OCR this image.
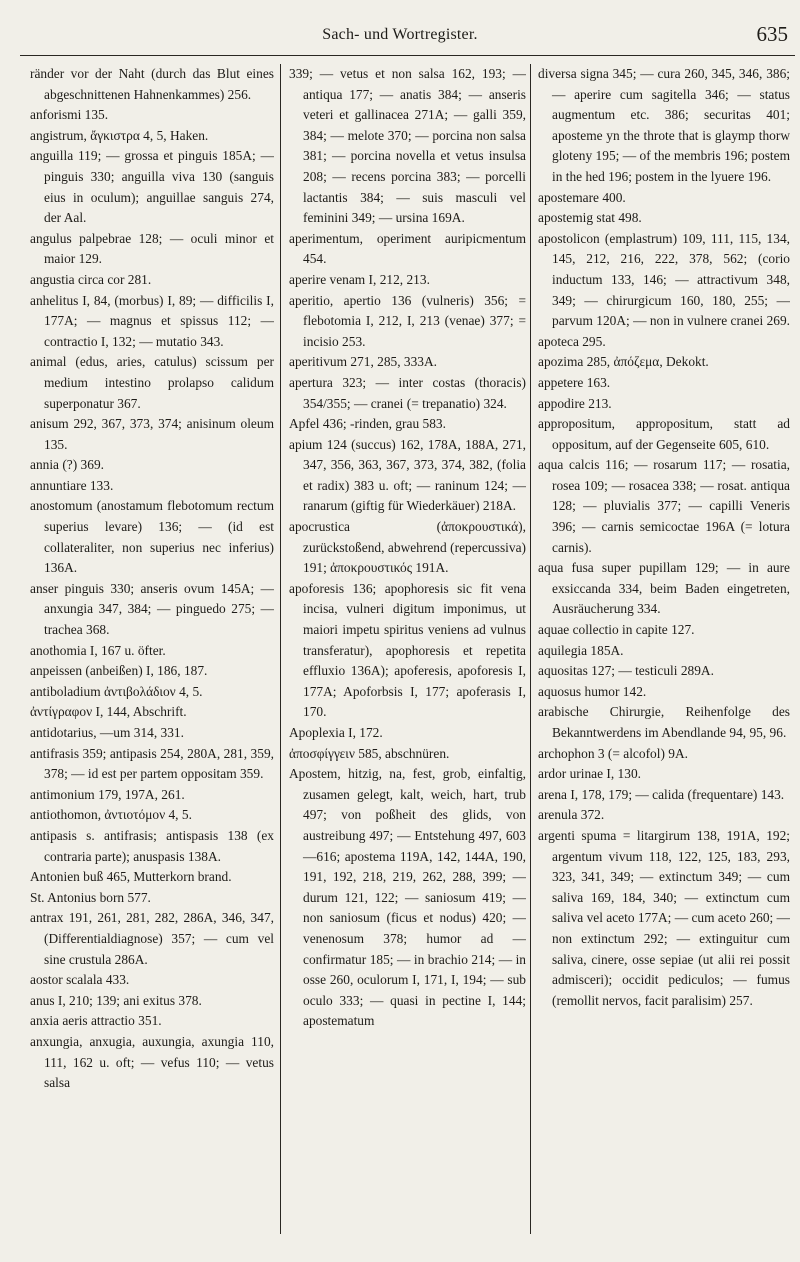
Sach- und Wortregister.	635
ränder vor der Naht (durch das Blut eines abgeschnittenen Hahnenkammes) 256.
anforismi 135.
angistrum, ἄγκιστρα 4, 5, Haken.
anguilla 119; — grossa et pinguis 185A; — pinguis 330; anguilla viva 130 (sanguis eius in oculum); anguillae sanguis 274, der Aal.
angulus palpebrae 128; — oculi minor et maior 129.
angustia circa cor 281.
anhelitus I, 84, (morbus) I, 89; — difficilis I, 177A; — magnus et spissus 112; — contractio I, 132; — mutatio 343.
animal (edus, aries, catulus) scissum per medium intestino prolapso calidum superponatur 367.
anisum 292, 367, 373, 374; anisinum oleum 135.
annia (?) 369.
annuntiare 133.
anostomum (anostamum flebotomum rectum superius levare) 136; — (id est collateraliter, non superius nec inferius) 136A.
anser pinguis 330; anseris ovum 145A; — anxungia 347, 384; — pinguedo 275; — trachea 368.
anothomia I, 167 u. öfter.
anpeissen (anbeißen) I, 186, 187.
antiboladium ἀντιβολάδιον 4, 5.
ἀντίγραφον I, 144, Abschrift.
antidotarius, —um 314, 331.
antifrasis 359; antipasis 254, 280A, 281, 359, 378; — id est per partem oppositam 359.
antimonium 179, 197A, 261.
antiothomon, ἀντιοτόμον 4, 5.
antipasis s. antifrasis; antispasis 138 (ex contraria parte); anuspasis 138A.
Antonien buß 465, Mutterkorn brand.
St. Antonius born 577.
antrax 191, 261, 281, 282, 286A, 346, 347, (Differentialdiagnose) 357; — cum vel sine crustula 286A.
aostor scalala 433.
anus I, 210; 139; ani exitus 378.
anxia aeris attractio 351.
anxungia, anxugia, auxungia, axungia 110, 111, 162 u. oft; — vefus 110; — vetus salsa
339; — vetus et non salsa 162, 193; — antiqua 177; — anatis 384; — anseris veteri et gallinacea 271A; — galli 359, 384; — melote 370; — porcina non salsa 381; — porcina novella et vetus insulsa 208; — recens porcina 383; — porcelli lactantis 384; — suis masculi vel feminini 349; — ursina 169A.
aperimentum, operiment auripicmentum 454.
aperire venam I, 212, 213.
aperitio, apertio 136 (vulneris) 356; = flebotomia I, 212, I, 213 (venae) 377; = incisio 253.
aperitivum 271, 285, 333A.
apertura 323; — inter costas (thoracis) 354/355; — cranei (= trepanatio) 324.
Apfel 436; -rinden, grau 583.
apium 124 (succus) 162, 178A, 188A, 271, 347, 356, 363, 367, 373, 374, 382, (folia et radix) 383 u. oft; — raninum 124; — ranarum (giftig für Wiederkäuer) 218A.
apocrustica (ἀποκρουστικά), zurückstoßend, abwehrend (repercussiva) 191; ἀποκρουστικός 191A.
apoforesis 136; apophoresis sic fit vena incisa, vulneri digitum imponimus, ut maiori impetu spiritus veniens ad vulnus transferatur), apophoresis et repetita effluxio 136A); apoferesis, apoforesis I, 177A; Apoforbsis I, 177; apoferasis I, 170.
Apoplexia I, 172.
ἀποσφίγγειν 585, abschnüren.
Apostem, hitzig, na, fest, grob, einfaltig, zusamen gelegt, kalt, weich, hart, trub 497; von poßheit des glids, von austreibung 497; — Entstehung 497, 603—616; apostema 119A, 142, 144A, 190, 191, 192, 218, 219, 262, 288, 399; — durum 121, 122; — saniosum 419; — non saniosum (ficus et nodus) 420; — venenosum 378; humor ad — confirmatur 185; — in brachio 214; — in osse 260, oculorum I, 171, I, 194; — sub oculo 333; — quasi in pectine I, 144; apostematum
diversa signa 345; — cura 260, 345, 346, 386; — aperire cum sagitella 346; — status augmentum etc. 386; securitas 401; aposteme yn the throte that is glaymp thorw gloteny 195; — of the membris 196; postem in the hed 196; postem in the lyuere 196.
apostemare 400.
apostemig stat 498.
apostolicon (emplastrum) 109, 111, 115, 134, 145, 212, 216, 222, 378, 562; (corio inductum 133, 146; — attractivum 348, 349; — chirurgicum 160, 180, 255; — parvum 120A; — non in vulnere cranei 269.
apoteca 295.
apozima 285, ἀπόζεμα, Dekokt.
appetere 163.
appodire 213.
appropositum, appropositum, statt ad oppositum, auf der Gegenseite 605, 610.
aqua calcis 116; — rosarum 117; — rosatia, rosea 109; — rosacea 338; — rosat. antiqua 128; — pluvialis 377; — capilli Veneris 396; — carnis semicoctae 196A (= lotura carnis).
aqua fusa super pupillam 129; — in aure exsiccanda 334, beim Baden eingetreten, Ausräucherung 334.
aquae collectio in capite 127.
aquilegia 185A.
aquositas 127; — testiculi 289A.
aquosus humor 142.
arabische Chirurgie, Reihenfolge des Bekanntwerdens im Abendlande 94, 95, 96.
archophon 3 (= alcofol) 9A.
ardor urinae I, 130.
arena I, 178, 179; — calida (frequentare) 143.
arenula 372.
argenti spuma = litargirum 138, 191A, 192; argentum vivum 118, 122, 125, 183, 293, 323, 341, 349; — extinctum 349; — cum saliva 169, 184, 340; — extinctum cum saliva vel aceto 177A; — cum aceto 260; — non extinctum 292; — extinguitur cum saliva, cinere, osse sepiae (ut alii rei possit admisceri); occidit pediculos; — fumus (remollit nervos, facit paralisim) 257.
